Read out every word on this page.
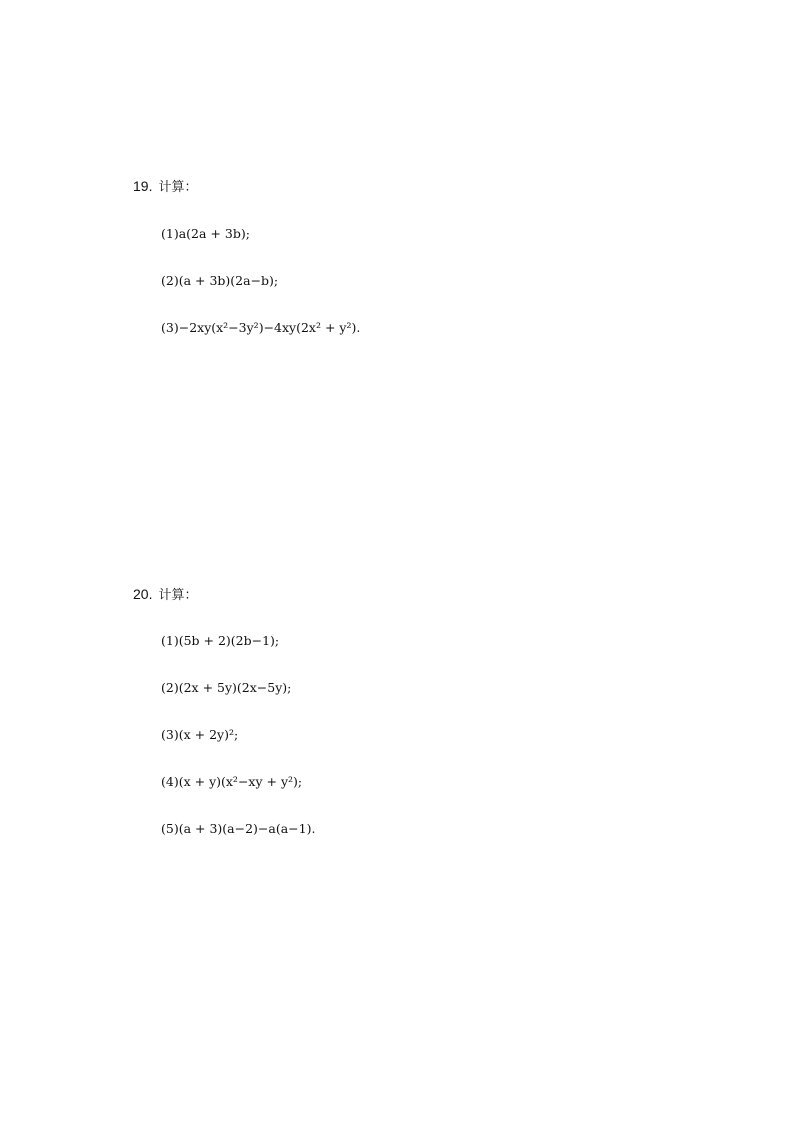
19. 计算：
(1)a(2a + 3b);
(2)(a + 3b)(2a−b);
(3)−2xy(x²−3y²)−4xy(2x² + y²).
20. 计算：
(1)(5b + 2)(2b−1);
(2)(2x + 5y)(2x−5y);
(3)(x + 2y)²;
(4)(x + y)(x²−xy + y²);
(5)(a + 3)(a−2)−a(a−1).
